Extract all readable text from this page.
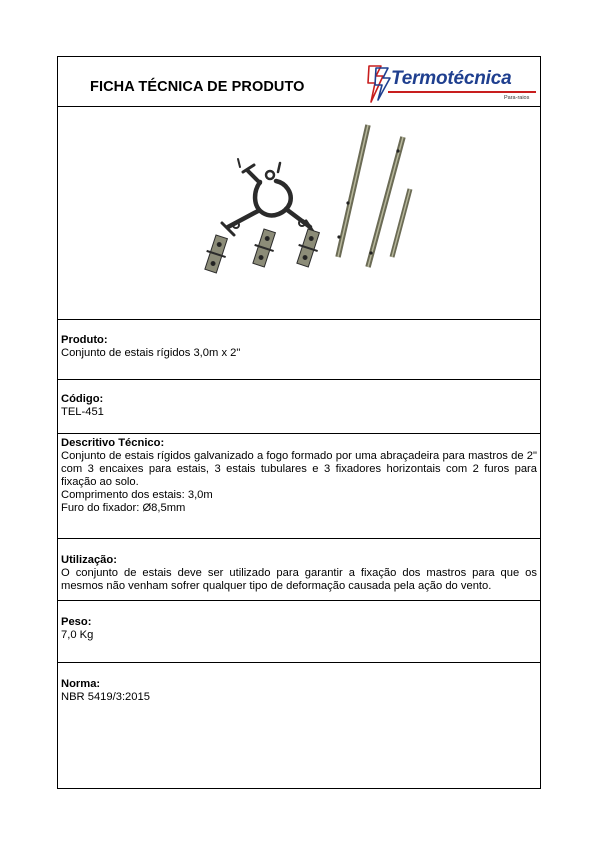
FICHA TÉCNICA DE PRODUTO	Termotécnica
Para-raios
Produto:
Conjunto de estais rígidos 3,0m x 2"
Código:
TEL-451
Descritivo Técnico:
Conjunto de estais rígidos galvanizado a fogo formado por uma abraçadeira para mastros de 2" com 3 encaixes para estais, 3 estais tubulares e 3 fixadores horizontais com 2 furos para fixação ao solo.
Comprimento dos estais: 3,0m
Furo do fixador: Ø8,5mm
Utilização:
O conjunto de estais deve ser utilizado para garantir a fixação dos mastros para que os mesmos não venham sofrer qualquer tipo de deformação causada pela ação do vento.
Peso:
7,0 Kg
Norma:
NBR 5419/3:2015
